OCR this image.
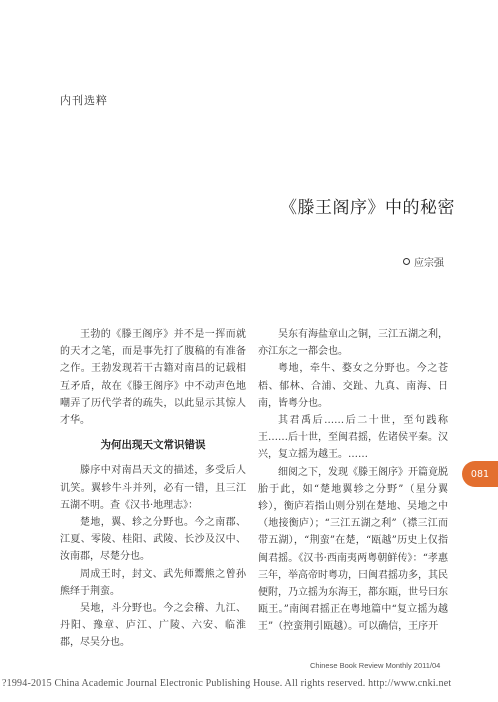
内刊选粹
《滕王阁序》中的秘密
应宗强

王勃的《滕王阁序》并不是一挥而就的天才之笔，而是事先打了腹稿的有准备之作。王勃发现若干古籍对南昌的记载相互矛盾，故在《滕王阁序》中不动声色地嘲弄了历代学者的疏失，以此显示其惊人才华。

为何出现天文常识错误

滕序中对南昌天文的描述，多受后人讥笑。翼轸牛斗并列，必有一错，且三江五湖不明。查《汉书·地理志》：

楚地，翼、轸之分野也。今之南郡、江夏、零陵、桂阳、武陵、长沙及汉中、汝南郡，尽楚分也。

周成王时，封文、武先师鬻熊之曾孙熊绎于荆蛮。

吴地，斗分野也。今之会稽、九江、丹阳、豫章、庐江、广陵、六安、临淮郡，尽吴分也。

吴东有海盐章山之铜，三江五湖之利，亦江东之一都会也。

粤地，牵牛、婺女之分野也。今之苍梧、郁林、合浦、交趾、九真、南海、日南，皆粤分也。

其君禹后……后二十世，至句践称王……后十世，至闽君摇，佐诸侯平秦。汉兴，复立摇为越王。……

细阅之下，发现《滕王阁序》开篇竟脱胎于此，如“楚地翼轸之分野”（星分翼轸），衡庐若指山则分别在楚地、吴地之中（地接衡庐）；“三江五湖之利”（襟三江而带五湖），“荆蛮”在楚，“瓯越”历史上仅指闽君摇。《汉书·西南夷两粤朝鲜传》：“孝惠三年，举高帝时粤功，曰闽君摇功多，其民便附，乃立摇为东海王，都东瓯，世号曰东瓯王。”南闽君摇正在粤地篇中“复立摇为越王”（控蛮荆引瓯越）。可以确信，王序开

081
Chinese Book Review Monthly 2011/04
?1994-2015 China Academic Journal Electronic Publishing House. All rights reserved. http://www.cnki.net
